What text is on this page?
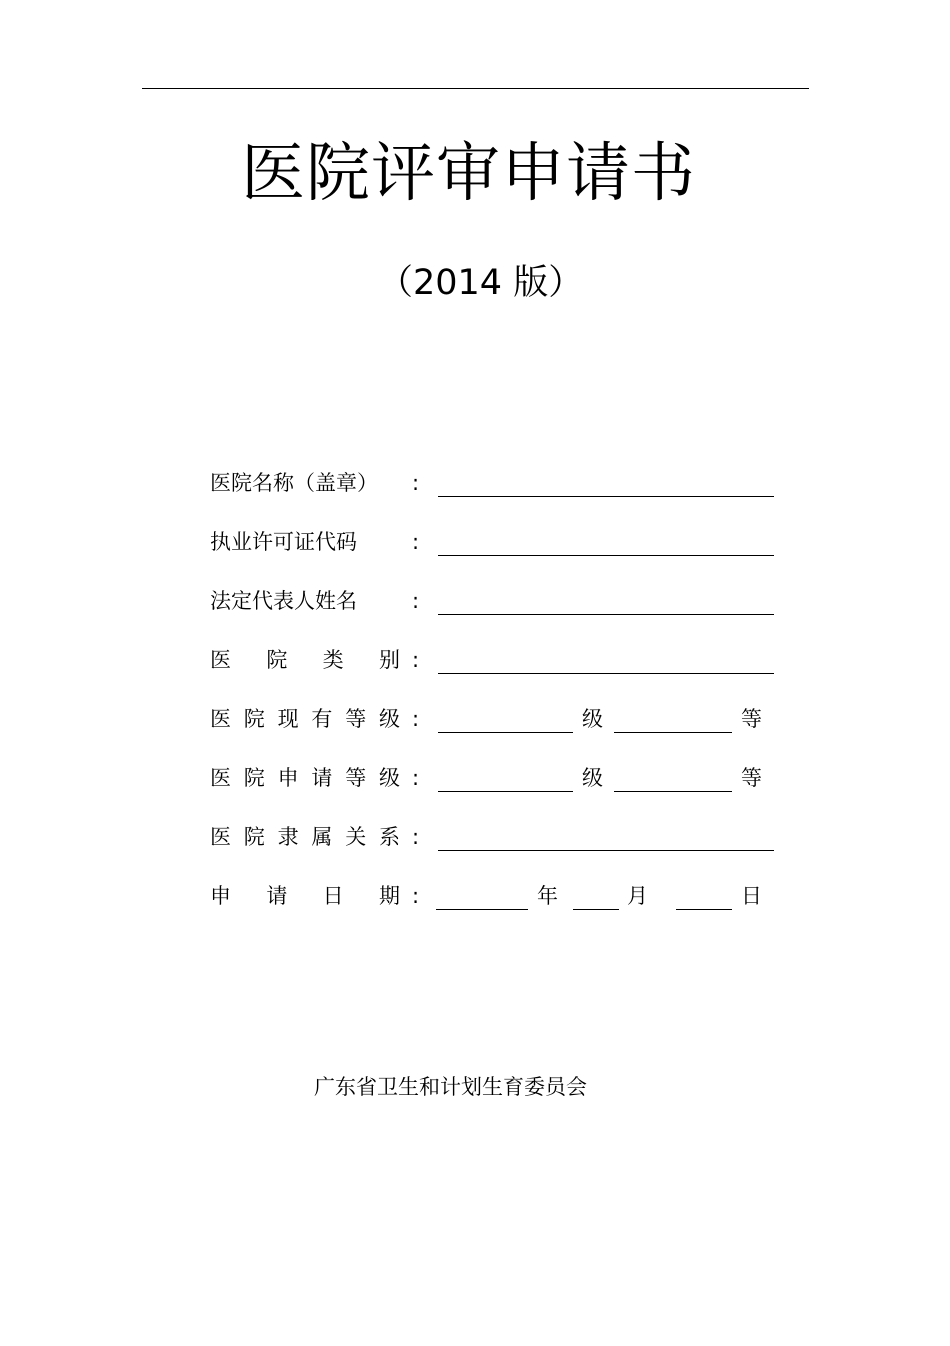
医院评审申请书
（2014 版）
医院名称（盖章） :
执业许可证代码	:
法定代表人姓名	:
医 院 类 别 :
医 院 现 有 等 级 :	级	等
医 院 申 请 等 级 :	级	等
医 院 隶 属 关 系 :
申 请 日 期 :	年	月	日
广东省卫生和计划生育委员会
